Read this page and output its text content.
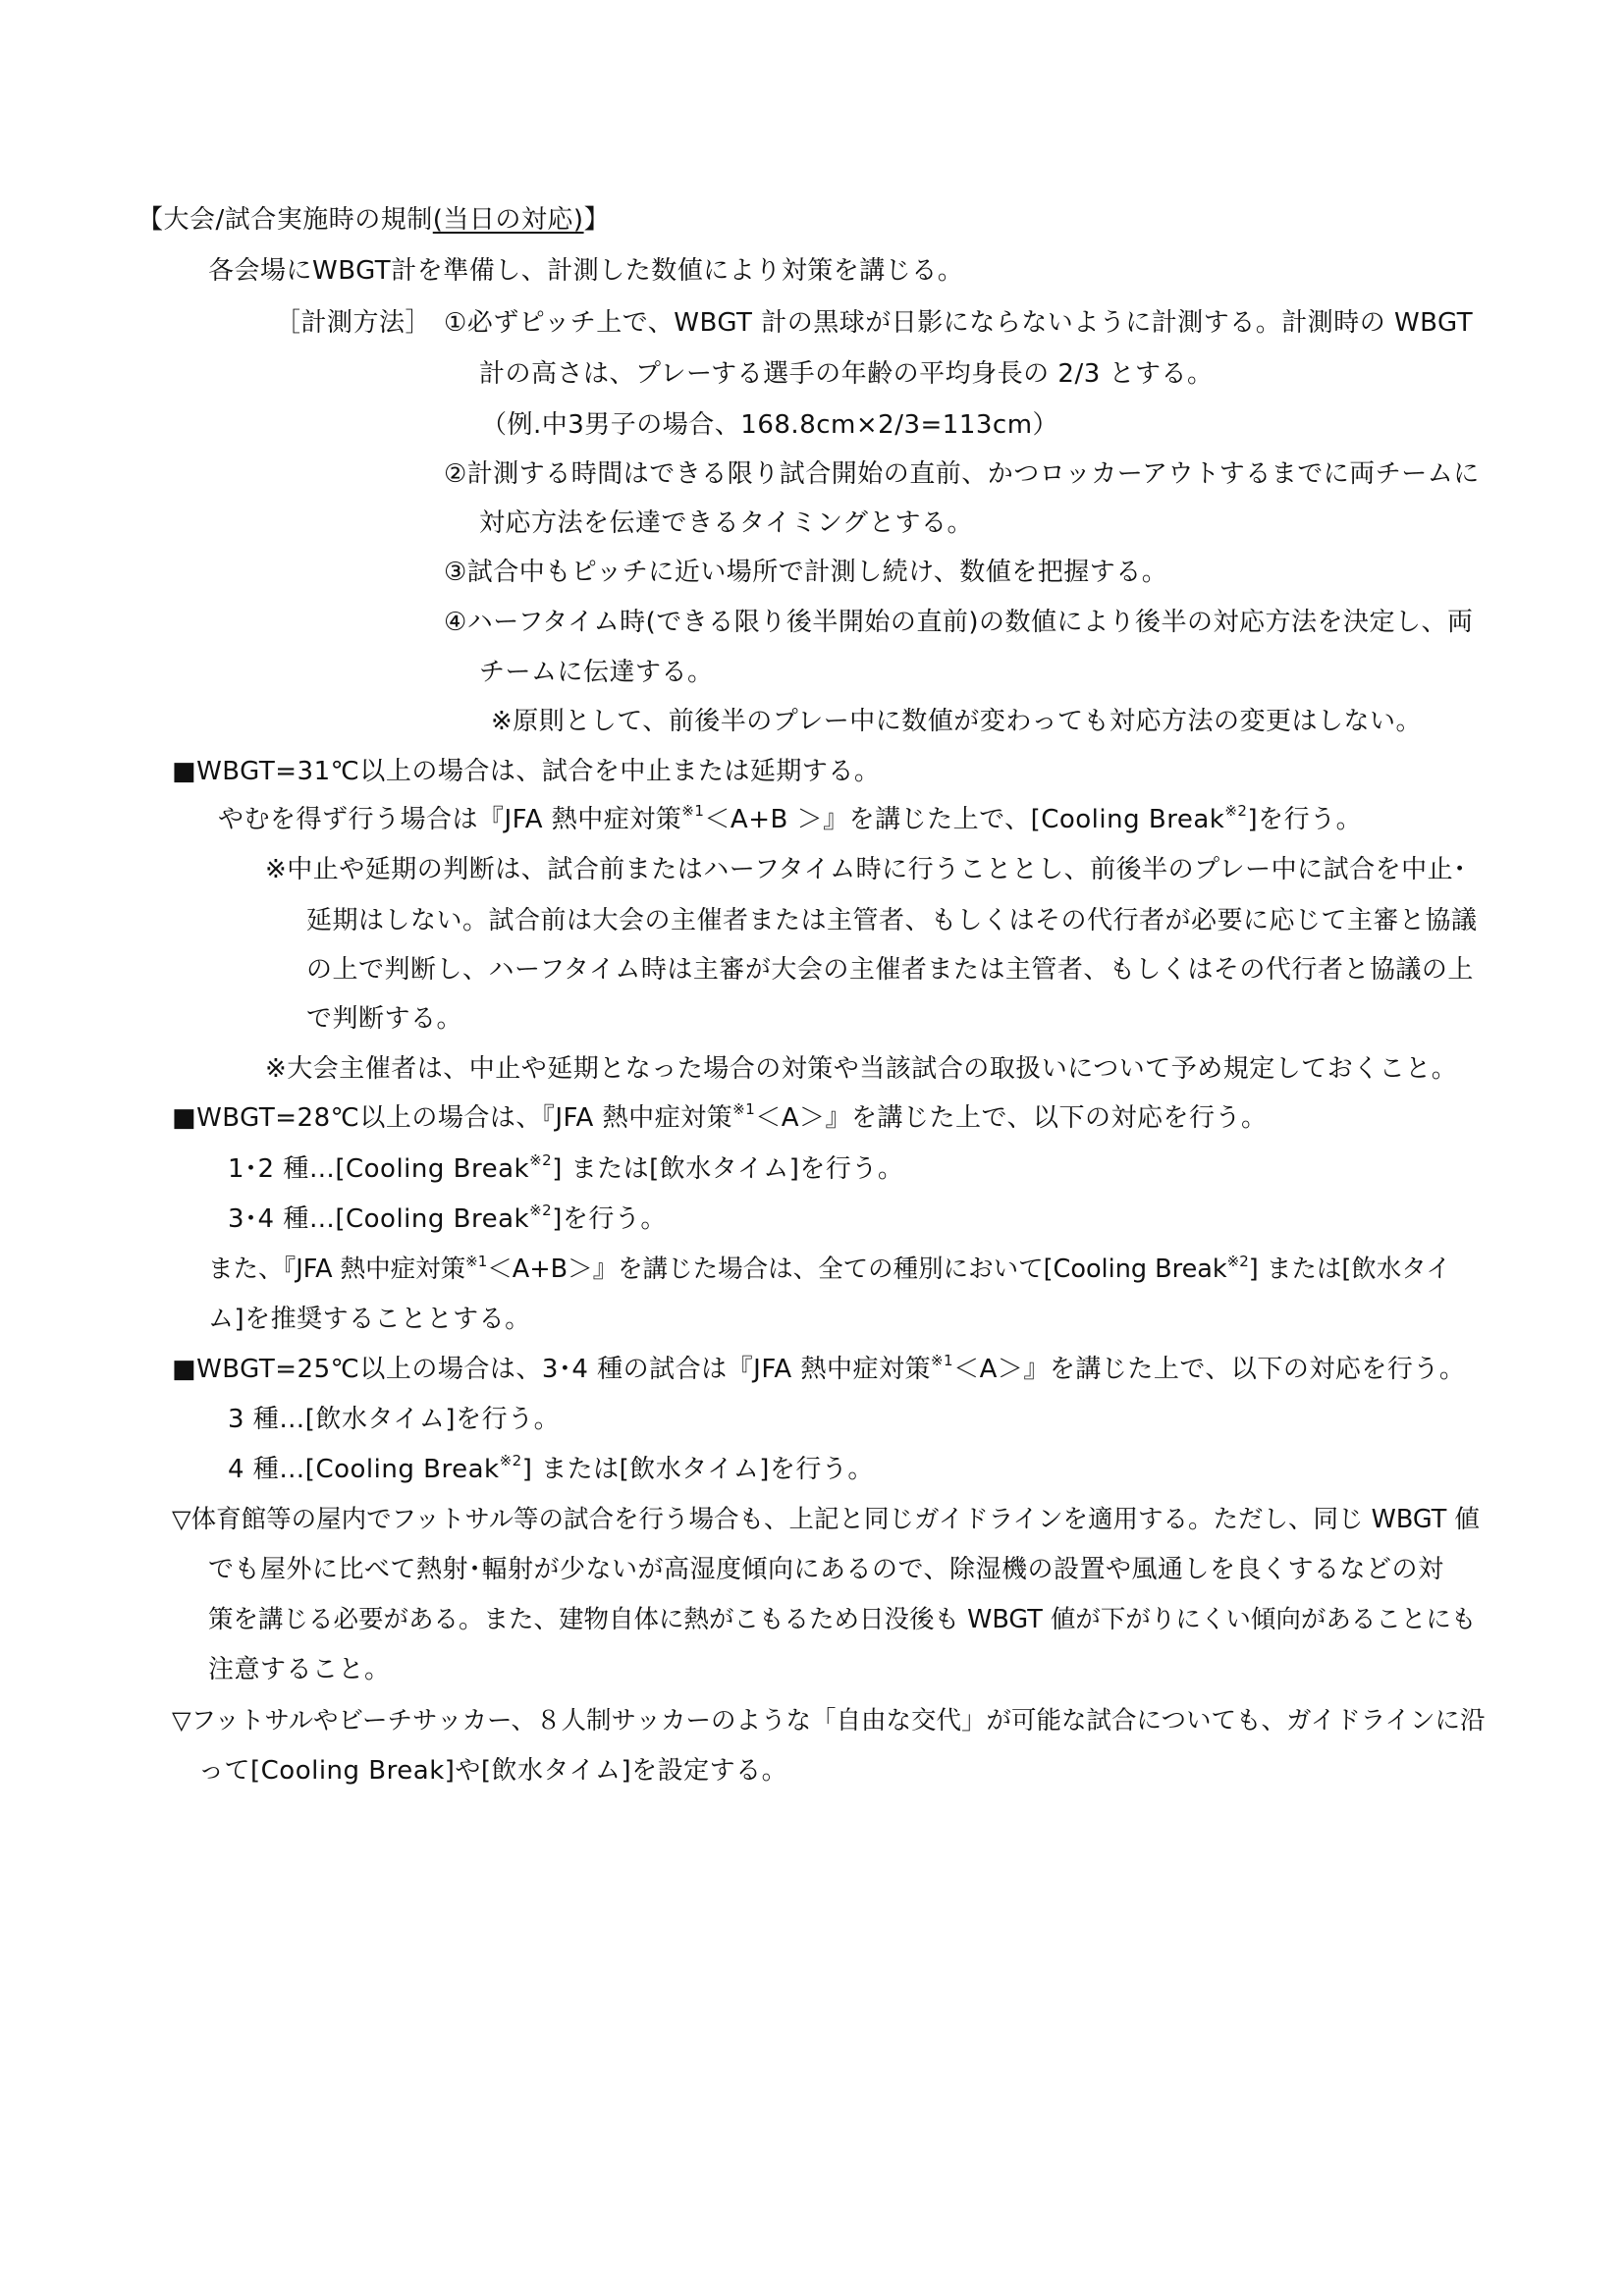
【大会/試合実施時の規制(当日の対応)】
各会場にWBGT計を準備し、計測した数値により対策を講じる。
［計測方法］ ①必ずピッチ上で、WBGT 計の黒球が日影にならないように計測する。計測時の WBGT
計の高さは、プレーする選手の年齢の平均身長の 2/3 とする。
（例.中3男子の場合、168.8cm×2/3=113cm）
②計測する時間はできる限り試合開始の直前、かつロッカーアウトするまでに両チームに
対応方法を伝達できるタイミングとする。
③試合中もピッチに近い場所で計測し続け、数値を把握する。
④ハーフタイム時(できる限り後半開始の直前)の数値により後半の対応方法を決定し、両
チームに伝達する。
※原則として、前後半のプレー中に数値が変わっても対応方法の変更はしない。
■WBGT=31℃以上の場合は、試合を中止または延期する。
やむを得ず行う場合は『JFA 熱中症対策$^{※1}$＜A+B ＞』を講じた上で、[Cooling Break$^{※2}$]を行う。
※中止や延期の判断は、試合前またはハーフタイム時に行うこととし、前後半のプレー中に試合を中止･
延期はしない。試合前は大会の主催者または主管者、もしくはその代行者が必要に応じて主審と協議
の上で判断し、ハーフタイム時は主審が大会の主催者または主管者、もしくはその代行者と協議の上
で判断する。
※大会主催者は、中止や延期となった場合の対策や当該試合の取扱いについて予め規定しておくこと。
■WBGT=28℃以上の場合は、『JFA 熱中症対策$^{※1}$＜A＞』を講じた上で、以下の対応を行う。
1･2 種…[Cooling Break$^{※2}$] または[飲水タイム]を行う。
3･4 種…[Cooling Break$^{※2}$]を行う。
また、『JFA 熱中症対策$^{※1}$＜A+B＞』を講じた場合は、全ての種別において[Cooling Break$^{※2}$] または[飲水タイ
ム]を推奨することとする。
■WBGT=25℃以上の場合は、3･4 種の試合は『JFA 熱中症対策$^{※1}$＜A＞』を講じた上で、以下の対応を行う。
3 種…[飲水タイム]を行う。
4 種…[Cooling Break$^{※2}$] または[飲水タイム]を行う。
▽体育館等の屋内でフットサル等の試合を行う場合も、上記と同じガイドラインを適用する。ただし、同じ WBGT 値
でも屋外に比べて熱射･輻射が少ないが高湿度傾向にあるので、除湿機の設置や風通しを良くするなどの対
策を講じる必要がある。また、建物自体に熱がこもるため日没後も WBGT 値が下がりにくい傾向があることにも
注意すること。
▽フットサルやビーチサッカー、８人制サッカーのような「自由な交代」が可能な試合についても、ガイドラインに沿
って[Cooling Break]や[飲水タイム]を設定する。
